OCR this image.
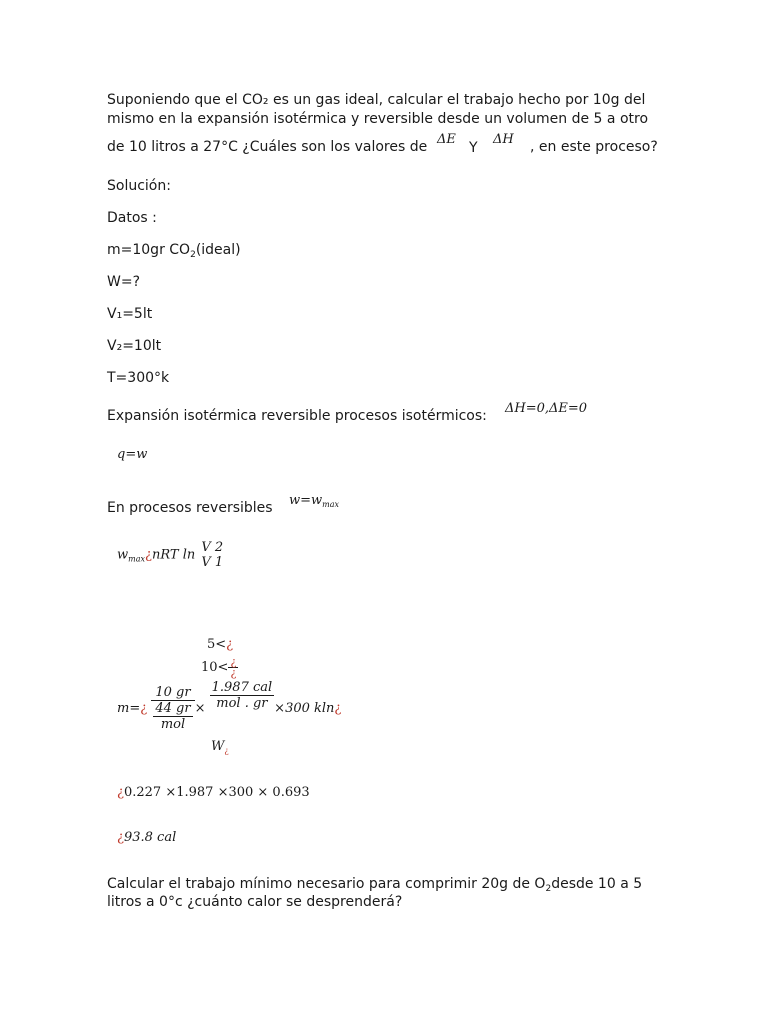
Suponiendo que el CO₂ es un gas ideal, calcular el trabajo hecho por 10g del
mismo en la expansión isotérmica y reversible desde un volumen de 5 a otro
de 10 litros a 27°C ¿Cuáles son los valores de ΔE
Y
ΔH , en este proceso?
Solución:
Datos :
m=10gr $CO_2(ideal)$
W=?
V₁=5lt
V₂=10lt
T=300°k
Expansión isotérmica reversible procesos isotérmicos: ΔH=0,ΔE=0
q=w
En procesos reversibles $w=w_{max}$
$w_{max}¿nRT$ ln V 2
V 1
5<¿
$10< \frac{¿}{¿}$
m=¿ $\frac{10 gr}{\frac{44 gr}{\text{mol}}} \times \frac{\text{1.987 cal}}{\text{mol . gr}} \times 300$ kln¿
$W_¿$
¿0.227 ×1.987 ×300 × 0.693
¿93.8 cal
Calcular el trabajo mínimo necesario para comprimir 20g de $O_2desde$ 10 a 5
litros a 0°c ¿cuánto calor se desprenderá?
